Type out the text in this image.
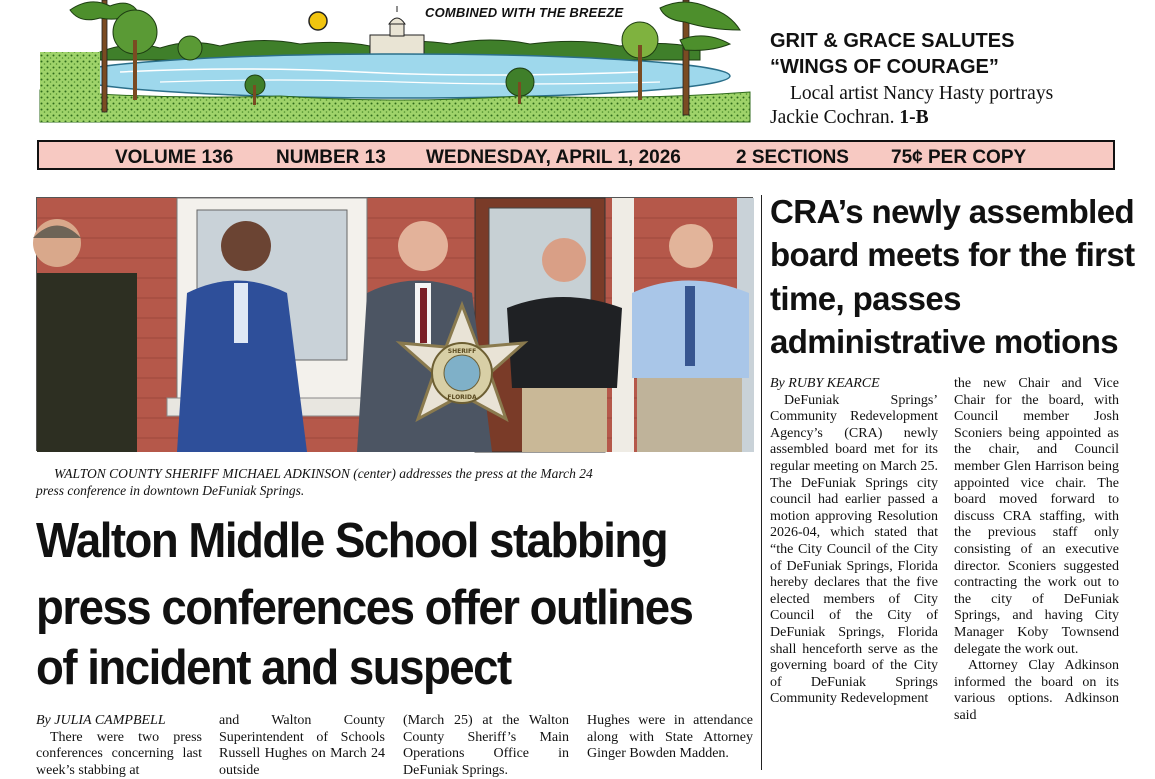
COMBINED WITH THE BREEZE
GRIT & GRACE SALUTES
“WINGS OF COURAGE”
Local artist Nancy Hasty portrays
Jackie Cochran. 1-B
VOLUME 136 NUMBER 13 WEDNESDAY, APRIL 1, 2026	2 SECTIONS 75¢ PER COPY
SHERIFF
FLORIDA
WALTON COUNTY SHERIFF MICHAEL ADKINSON (center) addresses the press at the March 24
press conference in downtown DeFuniak Springs.
Walton Middle School stabbing
press conferences offer outlines
of incident and suspect
By JULIA CAMPBELL
There were two press conferences concerning last week’s stabbing at
and Walton County Superintendent of Schools Russell Hughes on March 24 outside
(March 25) at the Walton County Sheriff’s Main Operations Office in DeFuniak Springs.
Hughes were in attendance along with State Attorney Ginger Bowden Madden.
CRA’s newly assembled
board meets for the first
time, passes
administrative motions
By RUBY KEARCE
DeFuniak Springs’ Community Redevelopment Agency’s (CRA) newly assembled board met for its regular meeting on March 25. The DeFuniak Springs city council had earlier passed a motion approving Resolution 2026-04, which stated that “the City Council of the City of DeFuniak Springs, Florida hereby declares that the five elected members of City Council of the City of DeFuniak Springs, Florida shall henceforth serve as the governing board of the City of DeFuniak Springs Community Redevelopment
the new Chair and Vice Chair for the board, with Council member Josh Sconiers being appointed as the chair, and Council member Glen Harrison being appointed vice chair. The board moved forward to discuss CRA staffing, with the previous staff only consisting of an executive director. Sconiers suggested contracting the work out to the city of DeFuniak Springs, and having City Manager Koby Townsend delegate the work out.
Attorney Clay Adkinson informed the board on its various options. Adkinson said
